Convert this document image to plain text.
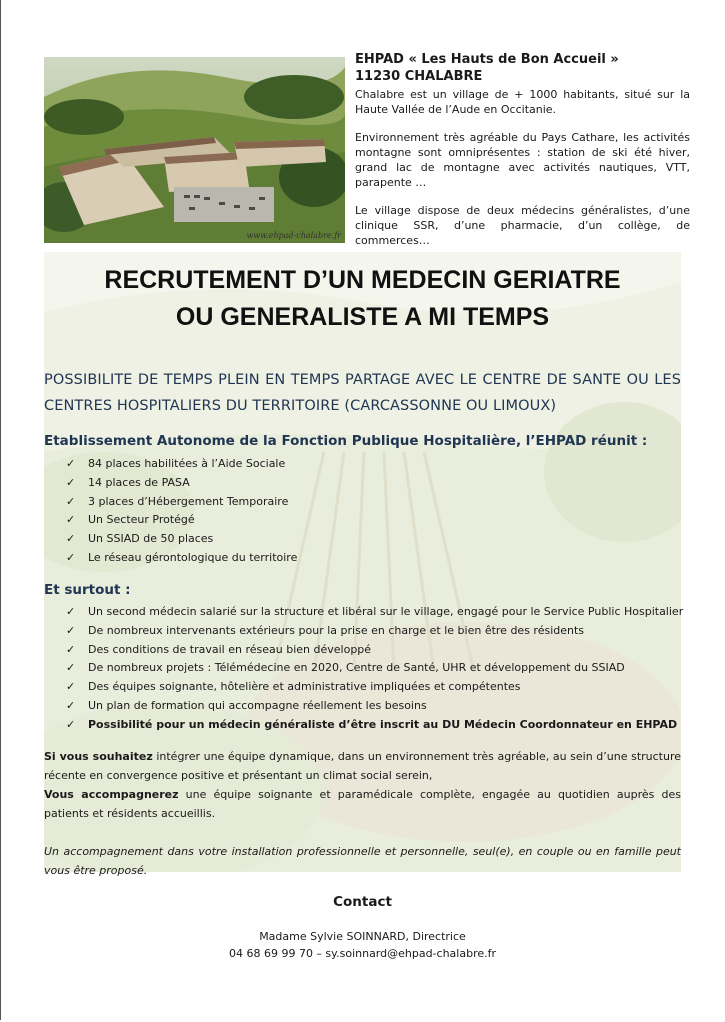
www.ehpad-chalabre.fr
EHPAD « Les Hauts de Bon Accueil »
11230 CHALABRE

Chalabre est un village de + 1000 habitants, situé sur la Haute Vallée de l’Aude en Occitanie.

Environnement très agréable du Pays Cathare, les activités montagne sont omniprésentes : station de ski été hiver, grand lac de montagne avec activités nautiques, VTT, parapente …

Le village dispose de deux médecins généralistes, d’une clinique SSR, d’une pharmacie, d’un collège, de commerces…

RECRUTEMENT D’UN MEDECIN GERIATRE
OU GENERALISTE A MI TEMPS
POSSIBILITE DE TEMPS PLEIN EN TEMPS PARTAGE AVEC LE CENTRE DE SANTE OU LES CENTRES HOSPITALIERS DU TERRITOIRE (CARCASSONNE OU LIMOUX)
Etablissement Autonome de la Fonction Publique Hospitalière, l’EHPAD réunit :
✓ 84 places habilitées à l’Aide Sociale
✓ 14 places de PASA
✓ 3 places d’Hébergement Temporaire
✓ Un Secteur Protégé
✓ Un SSIAD de 50 places
✓ Le réseau gérontologique du territoire
Et surtout :
✓ Un second médecin salarié sur la structure et libéral sur le village, engagé pour le Service Public Hospitalier
✓ De nombreux intervenants extérieurs pour la prise en charge et le bien être des résidents
✓ Des conditions de travail en réseau bien développé
✓ De nombreux projets : Télémédecine en 2020, Centre de Santé, UHR et développement du SSIAD
✓ Des équipes soignante, hôtelière et administrative impliquées et compétentes
✓ Un plan de formation qui accompagne réellement les besoins
✓ Possibilité pour un médecin généraliste d’être inscrit au DU Médecin Coordonnateur en EHPAD
Si vous souhaitez intégrer une équipe dynamique, dans un environnement très agréable, au sein d’une structure récente en convergence positive et présentant un climat social serein,
Vous accompagnerez une équipe soignante et paramédicale complète, engagée au quotidien auprès des patients et résidents accueillis.
Un accompagnement dans votre installation professionnelle et personnelle, seul(e), en couple ou en famille peut vous être proposé.
Contact
Madame Sylvie SOINNARD, Directrice
04 68 69 99 70 – sy.soinnard@ehpad-chalabre.fr
